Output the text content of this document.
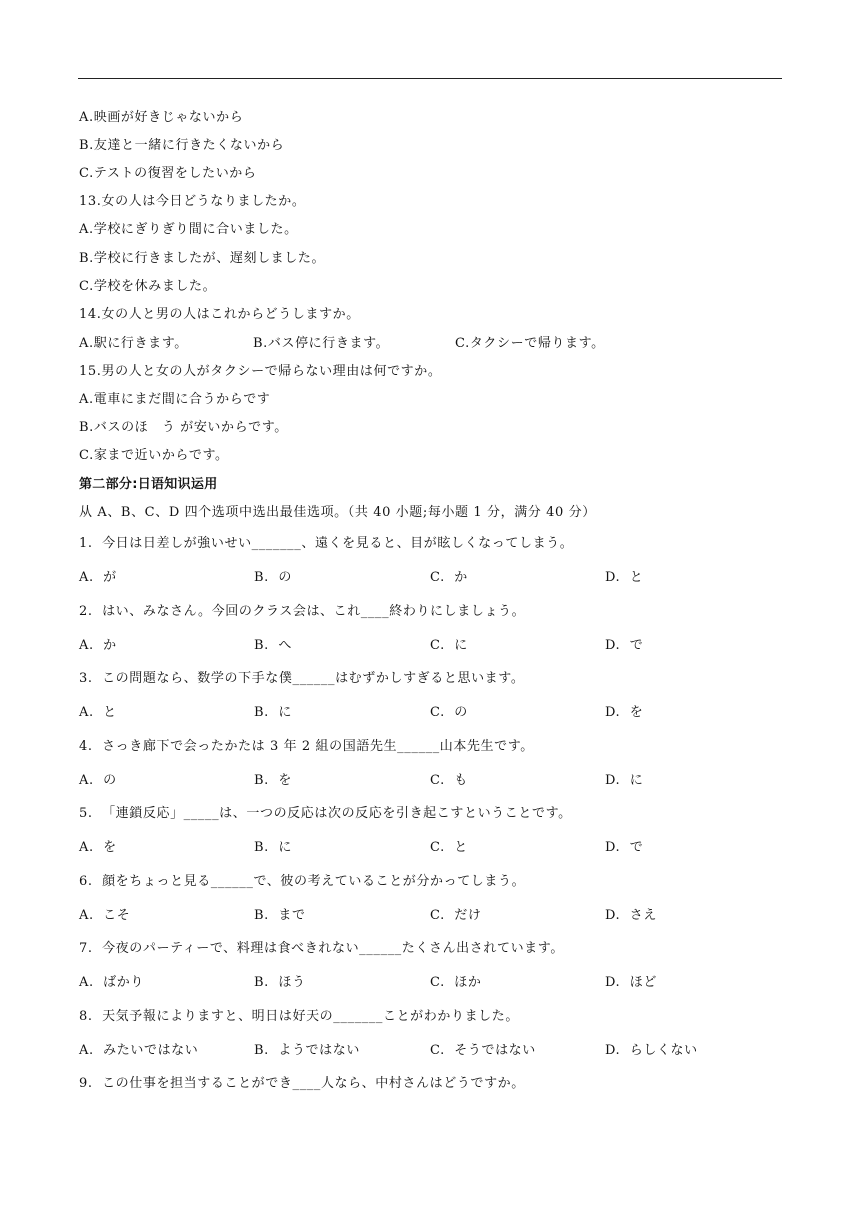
A.映画が好きじゃないから
B.友達と一緒に行きたくないから
C.テストの復習をしたいから
13.女の人は今日どうなりましたか。
A.学校にぎりぎり間に合いました。
B.学校に行きましたが、遅刻しました。
C.学校を休みました。
14.女の人と男の人はこれからどうしますか。
A.駅に行きます。	B.バス停に行きます。	C.タクシーで帰ります。
15.男の人と女の人がタクシーで帰らない理由は何ですか。
A.電車にまだ間に合うからです
B.バスのほ　う が安いからです。
C.家まで近いからです。
第二部分:日语知识运用
从 A、B、C、D 四个选项中选出最佳选项。（共 40 小题;每小题 1 分，满分 40 分）
1.  今日は日差しが強いせい_______、遠くを見ると、目が眩しくなってしまう。
A.  が	B.  の	C.  か	D.  と
2.  はい、みなさん。今回のクラス会は、これ____終わりにしましょう。
A.  か	B.  へ	C.  に	D.  で
3.  この問題なら、数学の下手な僕______はむずかしすぎると思います。
A.  と	B.  に	C.  の	D.  を
4.  さっき廊下で会ったかたは 3 年 2 組の国語先生______山本先生です。
A.  の	B.  を	C.  も	D.  に
5.  「連鎖反応」_____は、一つの反応は次の反応を引き起こすということです。
A.  を	B.  に	C.  と	D.  で
6.  顔をちょっと見る______で、彼の考えていることが分かってしまう。
A.  こそ	B.  まで	C.  だけ	D.  さえ
7.  今夜のパーティーで、料理は食べきれない______たくさん出されています。
A.  ばかり	B.  ほう	C.  ほか	D.  ほど
8.  天気予報によりますと、明日は好天の_______ことがわかりました。
A.  みたいではない	B.  ようではない	C.  そうではない	D.  らしくない
9.  この仕事を担当することができ____人なら、中村さんはどうですか。
